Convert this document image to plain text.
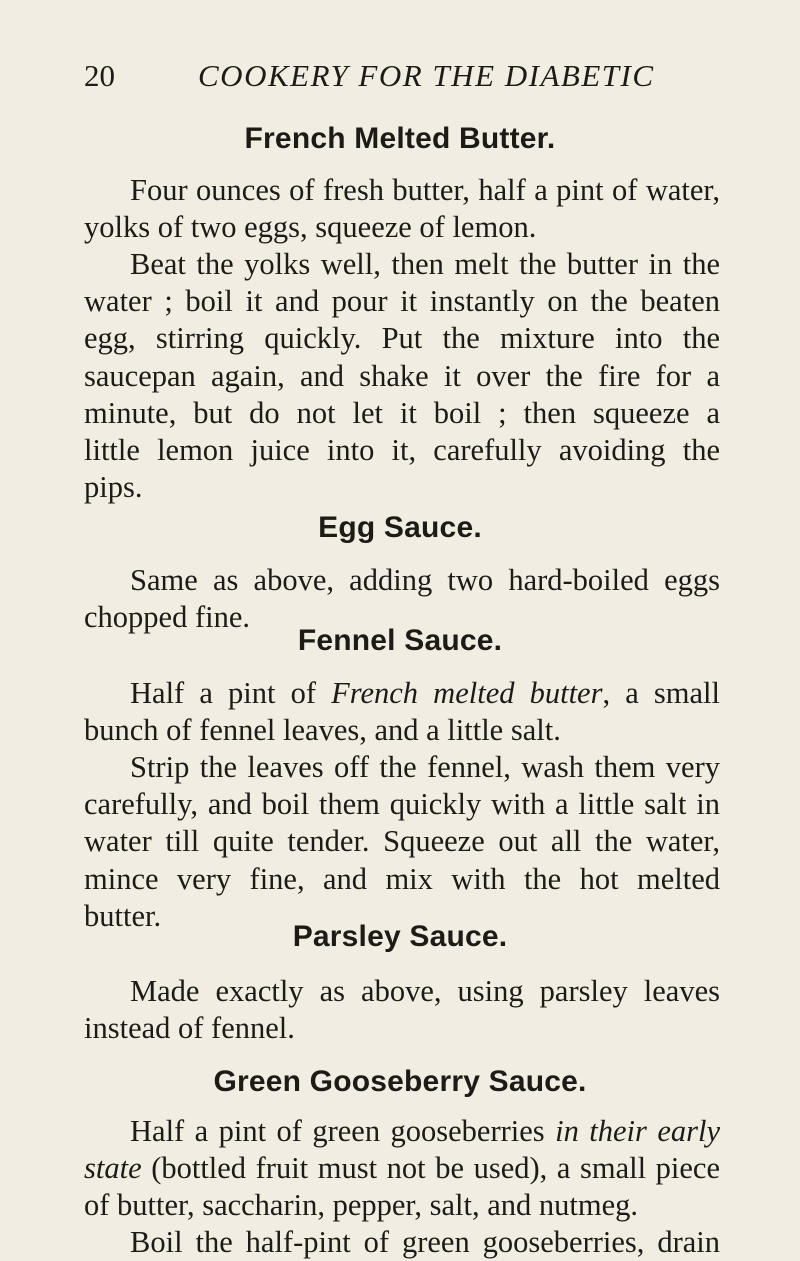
20	COOKERY FOR THE DIABETIC
French Melted Butter.
Four ounces of fresh butter, half a pint of water,
yolks of two eggs, squeeze of lemon.
Beat the yolks well, then melt the butter in the
water ; boil it and pour it instantly on the beaten
egg, stirring quickly. Put the mixture into the
saucepan again, and shake it over the fire for a
minute, but do not let it boil ; then squeeze a
little lemon juice into it, carefully avoiding the
pips.
Egg Sauce.
Same as above, adding two hard-boiled eggs
chopped fine.
Fennel Sauce.
Half a pint of French melted butter, a small
bunch of fennel leaves, and a little salt.
Strip the leaves off the fennel, wash them very
carefully, and boil them quickly with a little salt in
water till quite tender. Squeeze out all the water,
mince very fine, and mix with the hot melted
butter.
Parsley Sauce.
Made exactly as above, using parsley leaves
instead of fennel.
Green Gooseberry Sauce.
Half a pint of green gooseberries in their early
state (bottled fruit must not be used), a small piece
of butter, saccharin, pepper, salt, and nutmeg.
Boil the half-pint of green gooseberries, drain
